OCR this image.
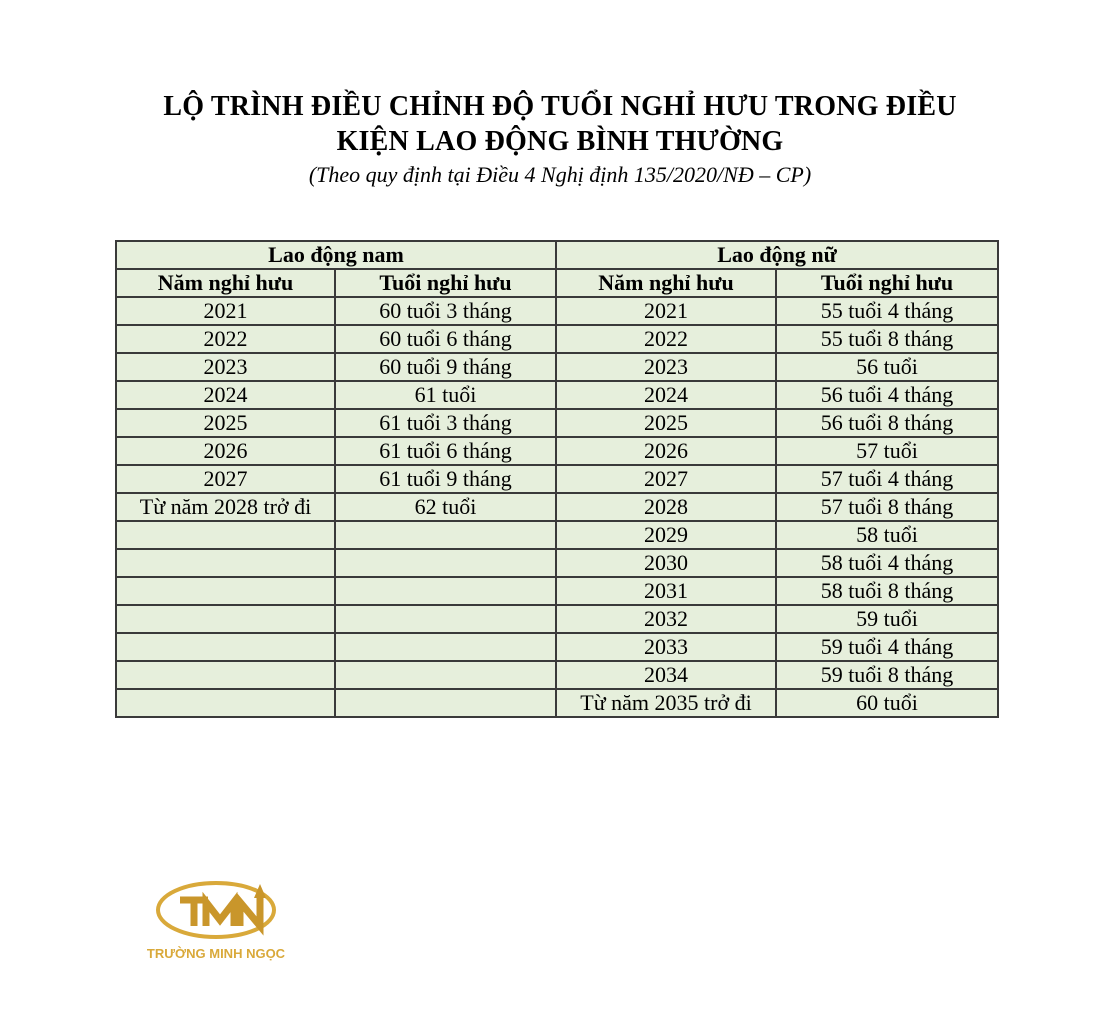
LỘ TRÌNH ĐIỀU CHỈNH ĐỘ TUỔI NGHỈ HƯU TRONG ĐIỀU
KIỆN LAO ĐỘNG BÌNH THƯỜNG
(Theo quy định tại Điều 4 Nghị định 135/2020/NĐ – CP)
Lao động nam		Lao động nữ	
Năm nghỉ hưu	Tuổi nghỉ hưu	Năm nghỉ hưu	Tuổi nghỉ hưu
2021	60 tuổi 3 tháng	2021	55 tuổi 4 tháng
2022	60 tuổi 6 tháng	2022	55 tuổi 8 tháng
2023	60 tuổi 9 tháng	2023	56 tuổi
2024	61 tuổi	2024	56 tuổi 4 tháng
2025	61 tuổi 3 tháng	2025	56 tuổi 8 tháng
2026	61 tuổi 6 tháng	2026	57 tuổi
2027	61 tuổi 9 tháng	2027	57 tuổi 4 tháng
Từ năm 2028 trở đi	62 tuổi	2028	57 tuổi 8 tháng
		2029	58 tuổi
		2030	58 tuổi 4 tháng
		2031	58 tuổi 8 tháng
		2032	59 tuổi
		2033	59 tuổi 4 tháng
		2034	59 tuổi 8 tháng
		Từ năm 2035 trở đi	60 tuổi
TRƯỜNG MINH NGỌC
